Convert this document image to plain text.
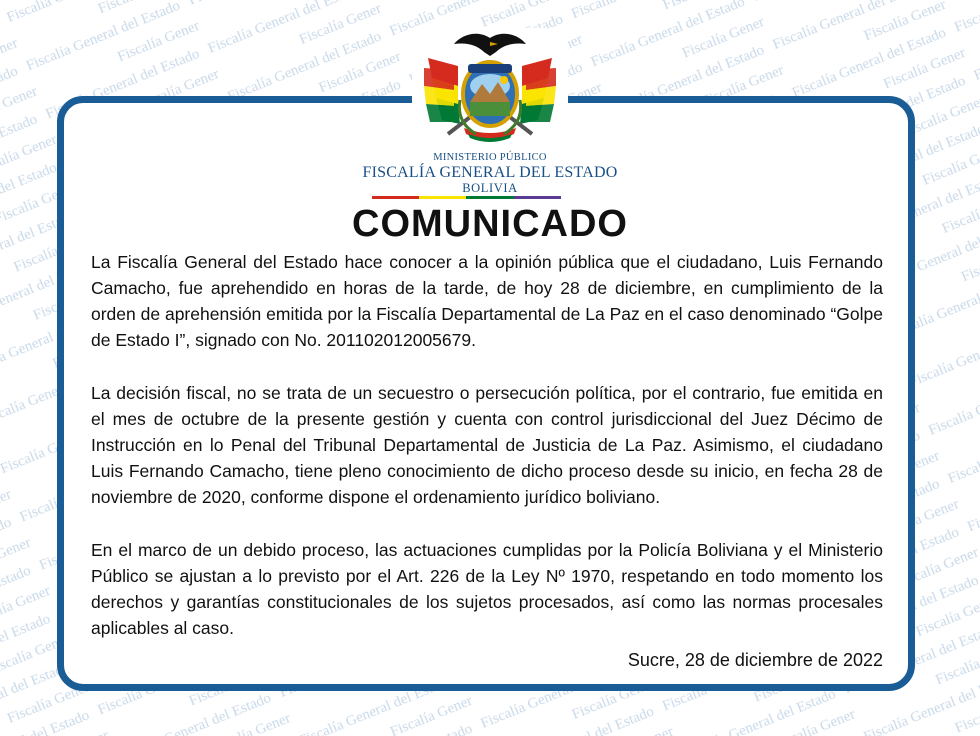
MINISTERIO PÚBLICO
FISCALÍA GENERAL DEL ESTADO
BOLIVIA
COMUNICADO

La Fiscalía General del Estado hace conocer a la opinión pública que el ciudadano, Luis Fernando Camacho, fue aprehendido en horas de la tarde, de hoy 28 de diciembre, en cumplimiento de la orden de aprehensión emitida por la Fiscalía Departamental de La Paz en el caso denominado “Golpe de Estado I”, signado con No. 201102012005679.

La decisión fiscal, no se trata de un secuestro o persecución política, por el contrario, fue emitida en el mes de octubre de la presente gestión y cuenta con control jurisdiccional del Juez Décimo de Instrucción en lo Penal del Tribunal Departamental de Justicia de La Paz. Asimismo, el ciudadano Luis Fernando Camacho, tiene pleno conocimiento de dicho proceso desde su inicio, en fecha 28 de noviembre de 2020, conforme dispone el ordenamiento jurídico boliviano.

En el marco de un debido proceso, las actuaciones cumplidas por la Policía Boliviana y el Ministerio Público se ajustan a lo previsto por el Art. 226 de la Ley Nº 1970, respetando en todo momento los derechos y garantías constitucionales de los sujetos procesados, así como las normas procesales aplicables al caso.

Sucre, 28 de diciembre de 2022
